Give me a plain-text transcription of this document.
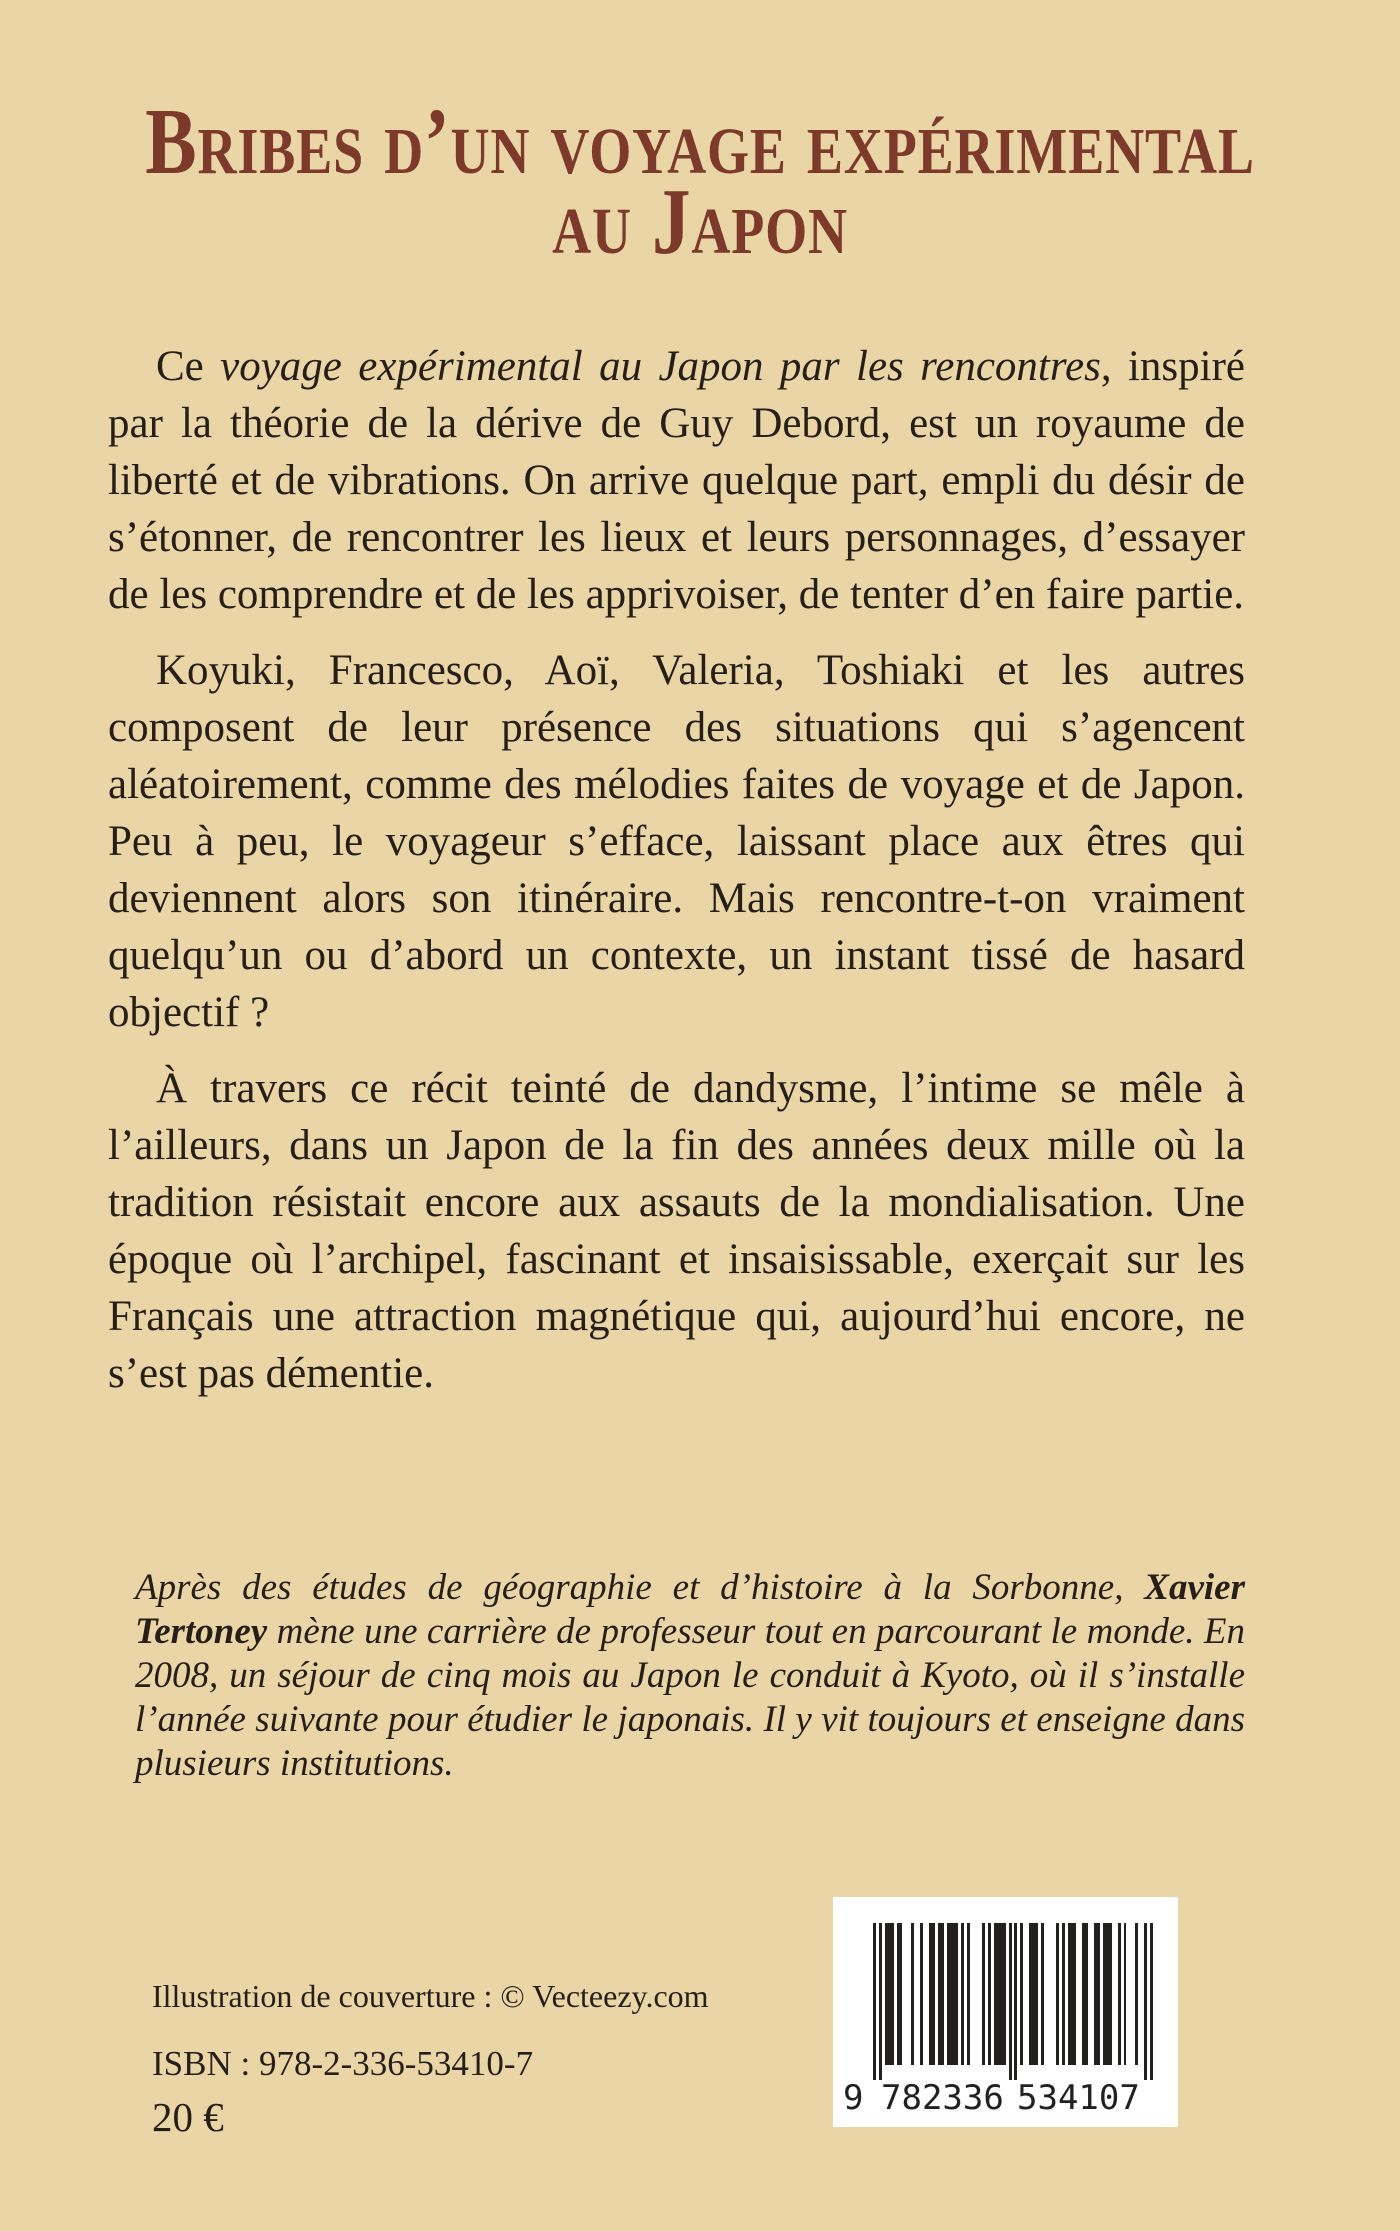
Bribes d’un voyage expérimental
au Japon

Ce voyage expérimental au Japon par les rencontres, inspiré par la théorie de la dérive de Guy Debord, est un royaume de liberté et de vibrations. On arrive quelque part, empli du désir de s’étonner, de rencontrer les lieux et leurs personnages, d’essayer de les comprendre et de les apprivoiser, de tenter d’en faire partie.

Koyuki, Francesco, Aoï, Valeria, Toshiaki et les autres composent de leur présence des situations qui s’agencent aléatoirement, comme des mélodies faites de voyage et de Japon. Peu à peu, le voyageur s’efface, laissant place aux êtres qui deviennent alors son itinéraire. Mais rencontre-t-on vraiment quelqu’un ou d’abord un contexte, un instant tissé de hasard objectif ?

À travers ce récit teinté de dandysme, l’intime se mêle à l’ailleurs, dans un Japon de la fin des années deux mille où la tradition résistait encore aux assauts de la mondialisation. Une époque où l’archipel, fascinant et insaisissable, exerçait sur les Français une attraction magnétique qui, aujourd’hui encore, ne s’est pas démentie.

Après des études de géographie et d’histoire à la Sorbonne, Xavier Tertoney mène une carrière de professeur tout en parcourant le monde. En 2008, un séjour de cinq mois au Japon le conduit à Kyoto, où il s’installe l’année suivante pour étudier le japonais. Il y vit toujours et enseigne dans plusieurs institutions.

Illustration de couverture : © Vecteezy.com
ISBN : 978-2-336-53410-7
20 €	9 782336 534107
